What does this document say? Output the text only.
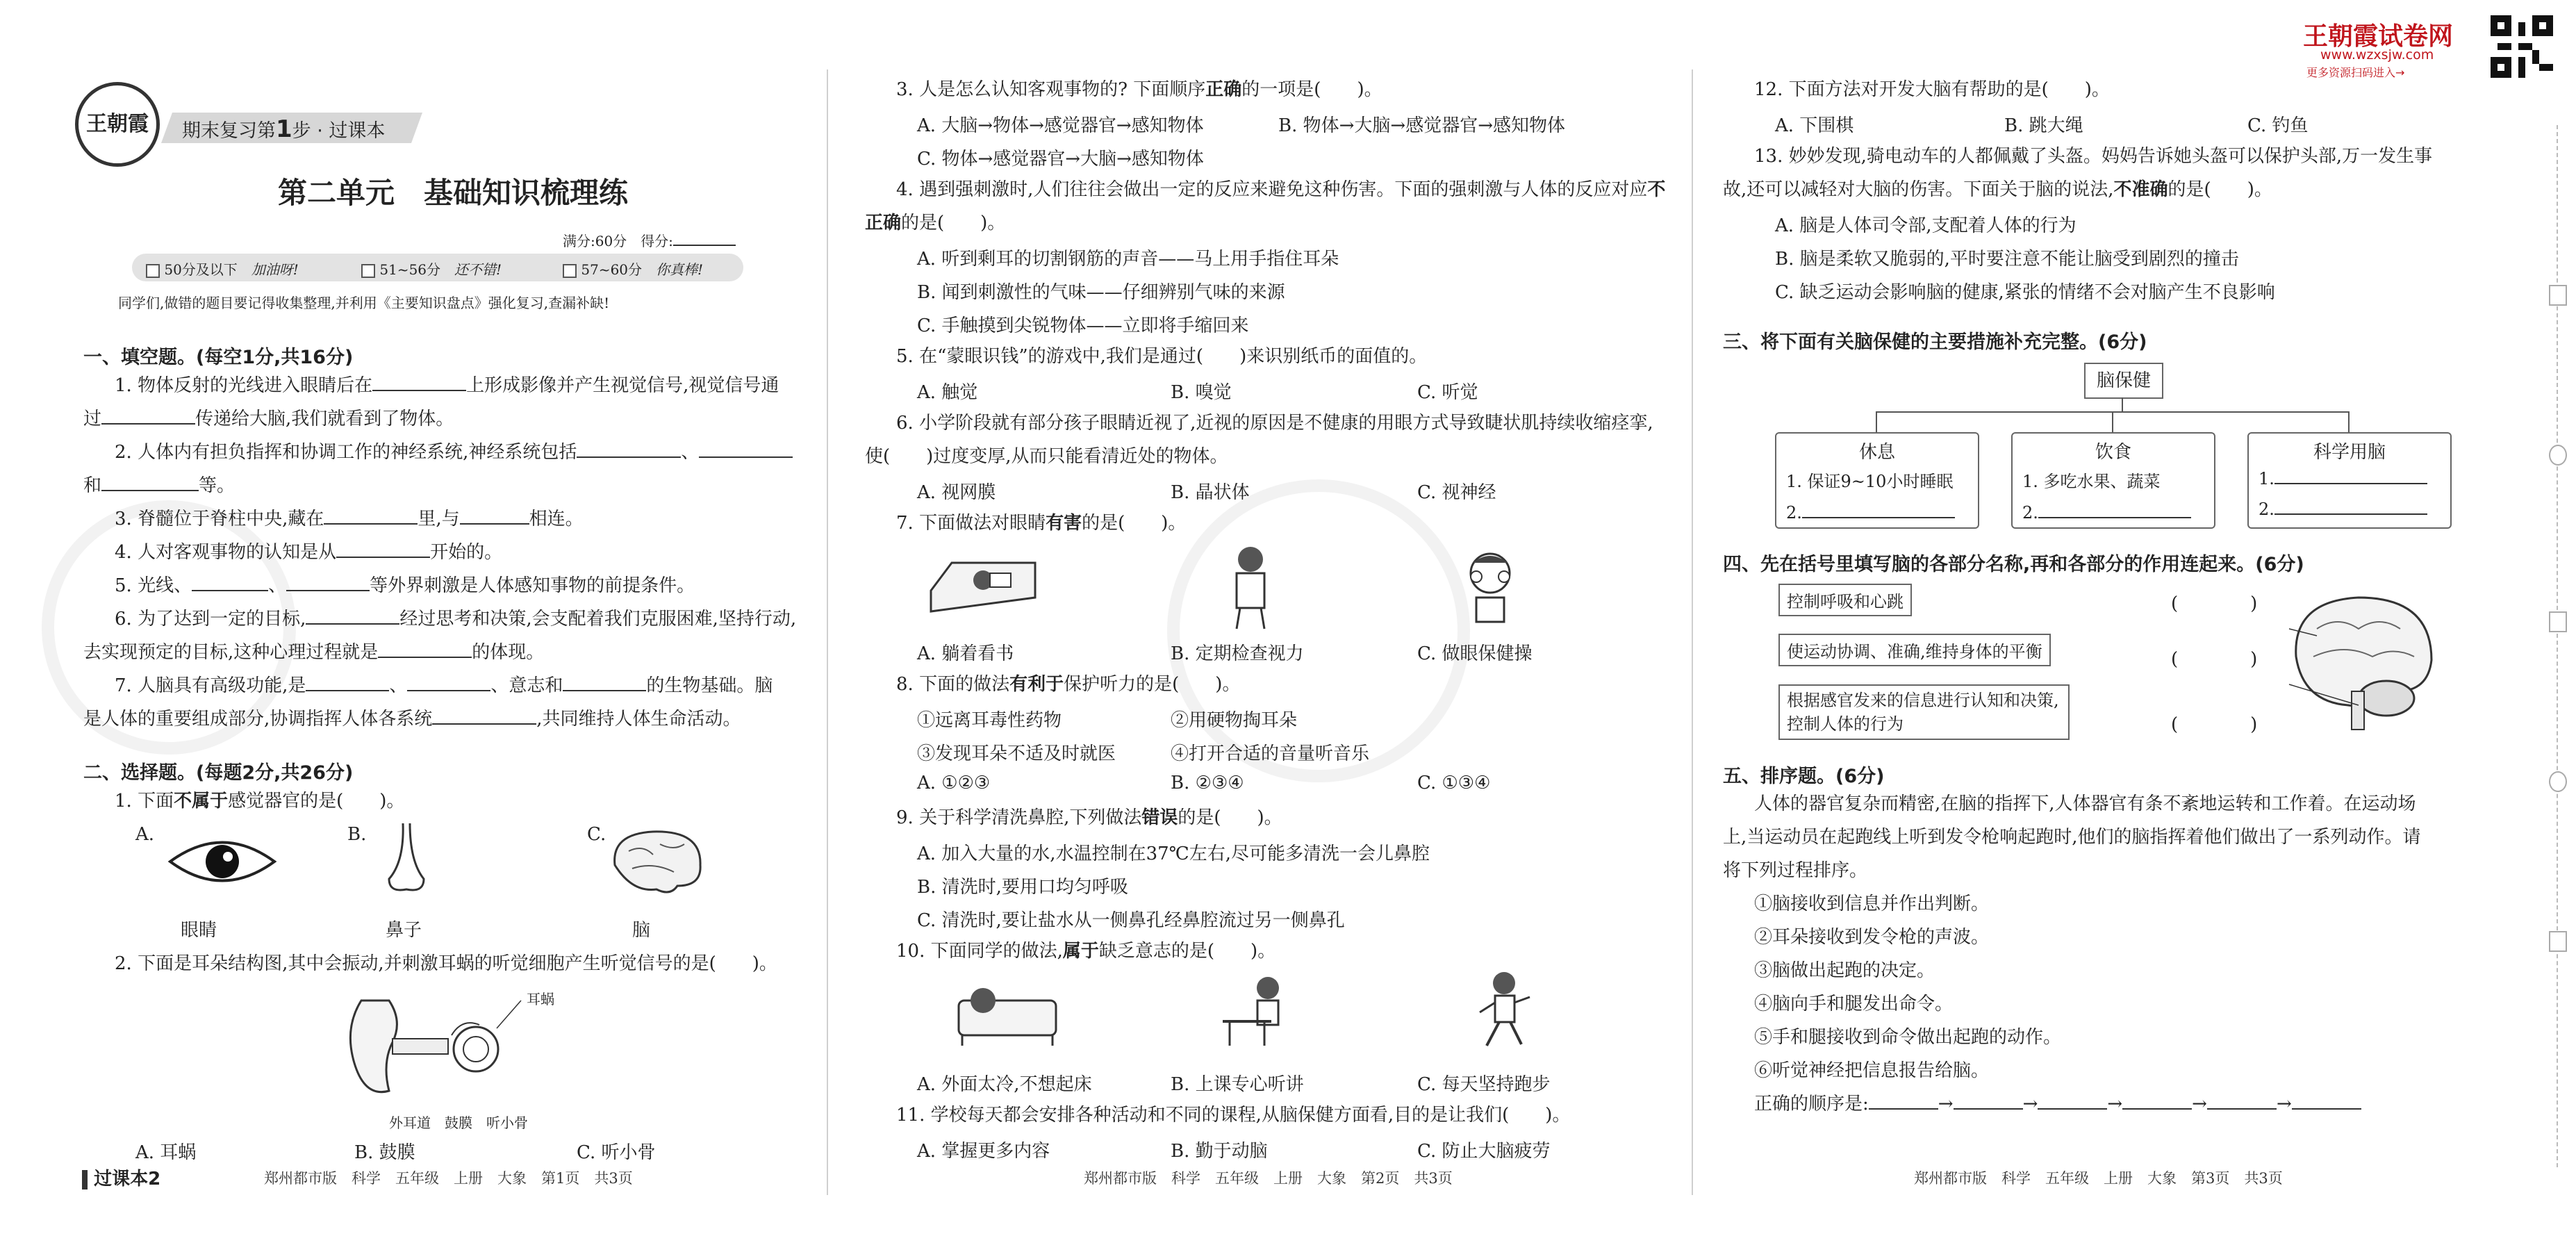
王朝霞	期末复习第1步 · 过课本
第二单元　基础知识梳理练
满分:60分　得分:
50分及以下　 加油呀!	51~56分　 还不错!	57~60分　 你真棒!
同学们,做错的题目要记得收集整理,并利用《主要知识盘点》强化复习,查漏补缺!
一、填空题。(每空1分,共16分)
1. 物体反射的光线进入眼睛后在	上形成影像并产生视觉信号,视觉信号通
过	传递给大脑,我们就看到了物体。
2. 人体内有担负指挥和协调工作的神经系统,神经系统包括	、
和	等。
3. 脊髓位于脊柱中央,藏在	里,与	相连。
4. 人对客观事物的认知是从	开始的。
5. 光线、	、	等外界刺激是人体感知事物的前提条件。
6. 为了达到一定的目标,	经过思考和决策,会支配着我们克服困难,坚持行动,
去实现预定的目标,这种心理过程就是	的体现。
7. 人脑具有高级功能,是	、	、意志和	的生物基础。脑
是人体的重要组成部分,协调指挥人体各系统	,共同维持人体生命活动。
二、选择题。(每题2分,共26分)
1. 下面不属于感觉器官的是(　　)。
A.	B.	C.
眼睛	鼻子	脑
2. 下面是耳朵结构图,其中会振动,并刺激耳蜗的听觉细胞产生听觉信号的是(　　)。
耳蜗
外耳道 鼓膜 听小骨
A. 耳蜗	B. 鼓膜	C. 听小骨
过课本2	郑州都市版　科学　五年级　上册　大象　第1页　共3页
3. 人是怎么认知客观事物的? 下面顺序正确的一项是(　　)。
A. 大脑→物体→感觉器官→感知物体	B. 物体→大脑→感觉器官→感知物体
C. 物体→感觉器官→大脑→感知物体
4. 遇到强刺激时,人们往往会做出一定的反应来避免这种伤害。下面的强刺激与人体的反应对应不
正确的是(　　)。
A. 听到剩耳的切割钢筋的声音——马上用手指住耳朵
B. 闻到刺激性的气味——仔细辨别气味的来源
C. 手触摸到尖锐物体——立即将手缩回来
5. 在“蒙眼识钱”的游戏中,我们是通过(　　)来识别纸币的面值的。
A. 触觉	B. 嗅觉	C. 听觉
6. 小学阶段就有部分孩子眼睛近视了,近视的原因是不健康的用眼方式导致睫状肌持续收缩痉挛,
使(　　)过度变厚,从而只能看清近处的物体。
A. 视网膜	B. 晶状体	C. 视神经
7. 下面做法对眼睛有害的是(　　)。
A. 躺着看书	B. 定期检查视力	C. 做眼保健操
8. 下面的做法有利于保护听力的是(　　)。
①远离耳毒性药物	②用硬物掏耳朵
③发现耳朵不适及时就医	④打开合适的音量听音乐
A. ①②③	B. ②③④	C. ①③④
9. 关于科学清洗鼻腔,下列做法错误的是(　　)。
A. 加入大量的水,水温控制在37℃左右,尽可能多清洗一会儿鼻腔
B. 清洗时,要用口均匀呼吸
C. 清洗时,要让盐水从一侧鼻孔经鼻腔流过另一侧鼻孔
10. 下面同学的做法,属于缺乏意志的是(　　)。
A. 外面太冷,不想起床	B. 上课专心听讲	C. 每天坚持跑步
11. 学校每天都会安排各种活动和不同的课程,从脑保健方面看,目的是让我们(　　)。
A. 掌握更多内容	B. 勤于动脑	C. 防止大脑疲劳
郑州都市版　科学　五年级　上册　大象　第2页　共3页
王朝霞试卷网
www.wzxsjw.com
更多资源扫码进入→
12. 下面方法对开发大脑有帮助的是(　　)。
A. 下围棋	B. 跳大绳	C. 钓鱼
13. 妙妙发现,骑电动车的人都佩戴了头盔。妈妈告诉她头盔可以保护头部,万一发生事
故,还可以减轻对大脑的伤害。下面关于脑的说法,不准确的是(　　)。
A. 脑是人体司令部,支配着人体的行为
B. 脑是柔软又脆弱的,平时要注意不能让脑受到剧烈的撞击
C. 缺乏运动会影响脑的健康,紧张的情绪不会对脑产生不良影响
三、将下面有关脑保健的主要措施补充完整。(6分)
脑保健
休息
1. 保证9~10小时睡眠
2.
饮食
1. 多吃水果、蔬菜
2.
科学用脑
1.
2.
四、先在括号里填写脑的各部分名称,再和各部分的作用连起来。(6分)
控制呼吸和心跳
使运动协调、准确,维持身体的平衡
根据感官发来的信息进行认知和决策,控制人体的行为
(　　　　)
(　　　　)
(　　　　)
五、排序题。(6分)
人体的器官复杂而精密,在脑的指挥下,人体器官有条不紊地运转和工作着。在运动场
上,当运动员在起跑线上听到发令枪响起跑时,他们的脑指挥着他们做出了一系列动作。请
将下列过程排序。
①脑接收到信息并作出判断。
②耳朵接收到发令枪的声波。
③脑做出起跑的决定。
④脑向手和腿发出命令。
⑤手和腿接收到命令做出起跑的动作。
⑥听觉神经把信息报告给脑。
正确的顺序是:	→	→	→	→	→
郑州都市版　科学　五年级　上册　大象　第3页　共3页
